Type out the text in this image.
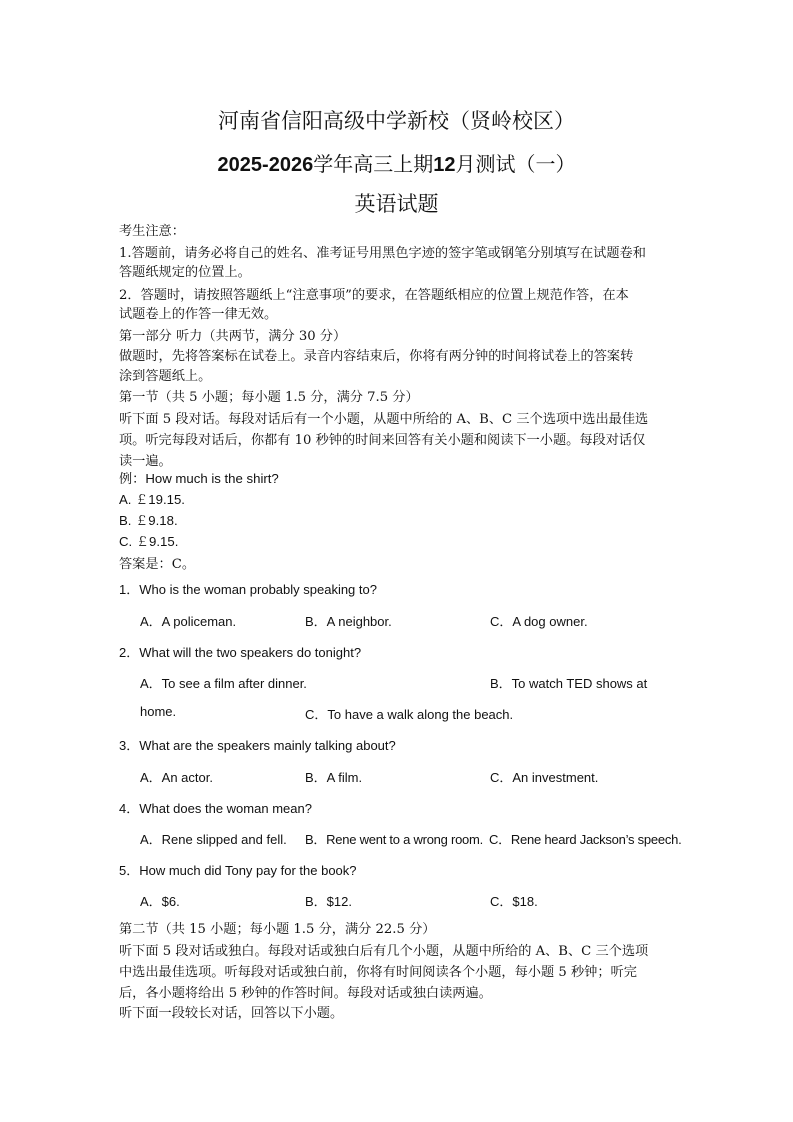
河南省信阳高级中学新校（贤岭校区）
2025-2026学年高三上期12月测试（一）
英语试题
考生注意：
1.答题前，请务必将自己的姓名、准考证号用黑色字迹的签字笔或钢笔分别填写在试题卷和
答题纸规定的位置上。
2．答题时，请按照答题纸上“注意事项”的要求，在答题纸相应的位置上规范作答，在本
试题卷上的作答一律无效。
第一部分 听力（共两节，满分 30 分）
做题时，先将答案标在试卷上。录音内容结束后，你将有两分钟的时间将试卷上的答案转
涂到答题纸上。
第一节（共 5 小题；每小题 1.5 分，满分 7.5 分）
听下面 5 段对话。每段对话后有一个小题，从题中所给的 A、B、C 三个选项中选出最佳选
项。听完每段对话后，你都有 10 秒钟的时间来回答有关小题和阅读下一小题。每段对话仅
读一遍。
例：How much is the shirt?
A. ￡19.15.
B. ￡9.18.
C. ￡9.15.
答案是：C。
1．Who is the woman probably speaking to?
A．A policeman.	B．A neighbor.	C．A dog owner.
2．What will the two speakers do tonight?
A．To see a film after dinner.	B．To watch TED shows at
home.	C．To have a walk along the beach.
3．What are the speakers mainly talking about?
A．An actor.	B．A film.	C．An investment.
4．What does the woman mean?
A．Rene slipped and fell. B．Rene went to a wrong room. C．Rene heard Jackson’s speech.
5．How much did Tony pay for the book?
A．$6.	B．$12.	C．$18.
第二节（共 15 小题；每小题 1.5 分，满分 22.5 分）
听下面 5 段对话或独白。每段对话或独白后有几个小题，从题中所给的 A、B、C 三个选项
中选出最佳选项。听每段对话或独白前，你将有时间阅读各个小题，每小题 5 秒钟；听完
后，各小题将给出 5 秒钟的作答时间。每段对话或独白读两遍。
听下面一段较长对话，回答以下小题。
